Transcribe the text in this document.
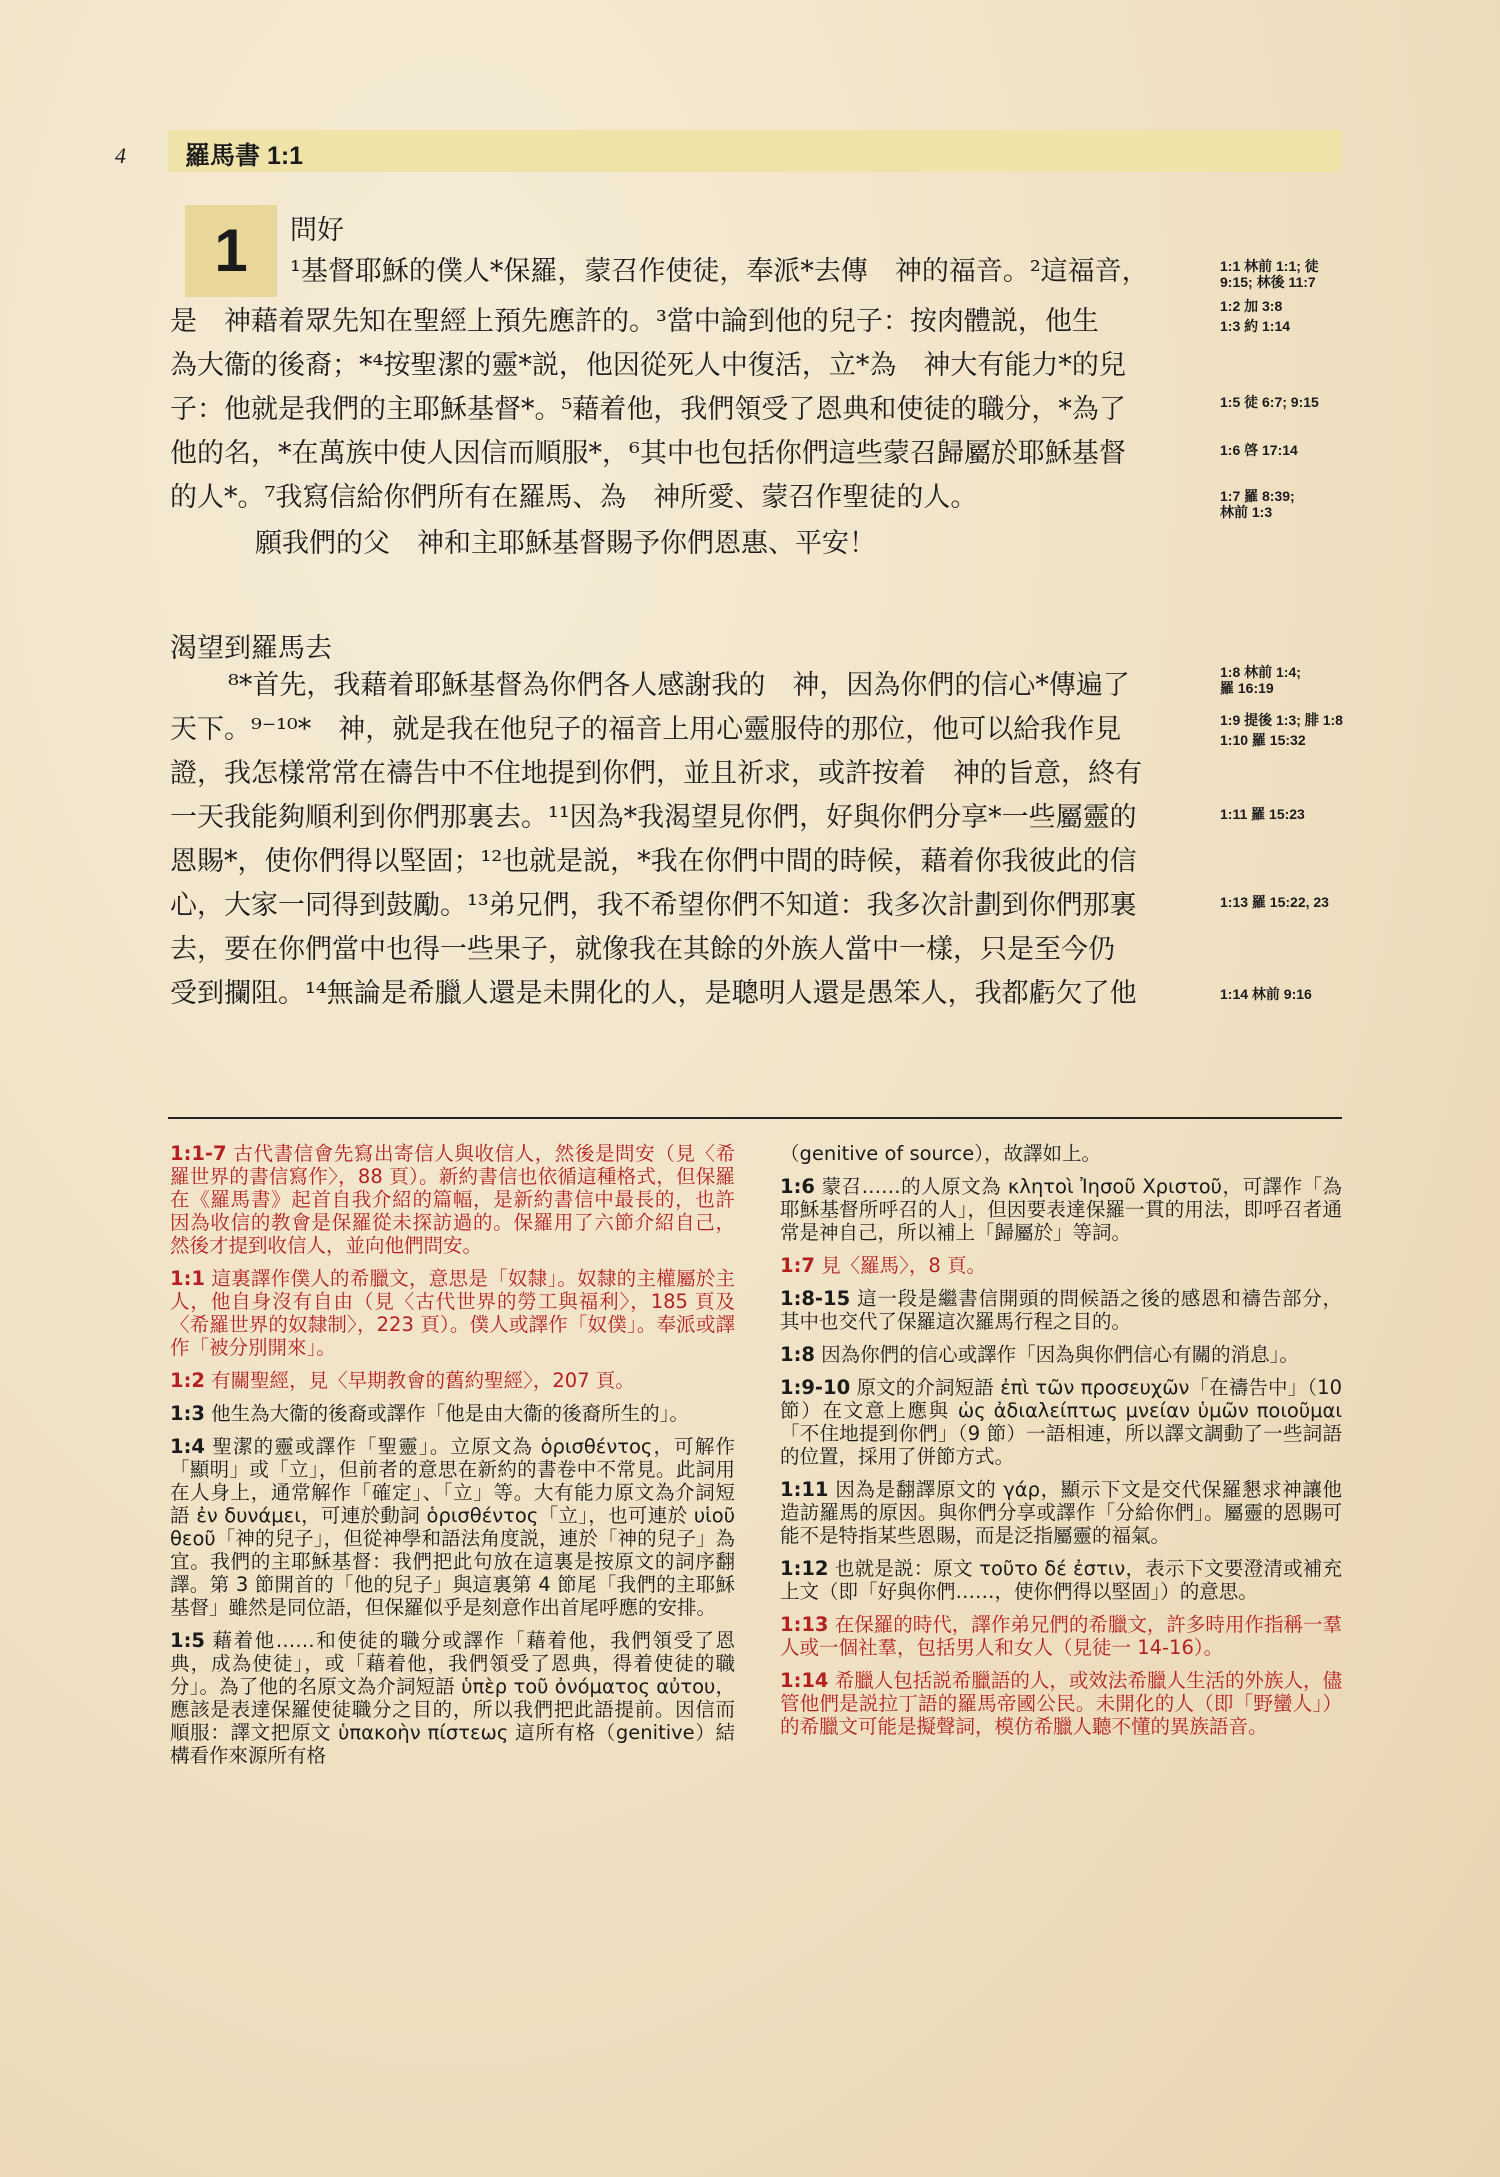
4 羅馬書 1:1
1	問好
渴望到羅馬去
¹基督耶穌的僕人*保羅，蒙召作使徒，奉派*去傳　神的福音。²這福音，
是　神藉着眾先知在聖經上預先應許的。³當中論到他的兒子：按肉體説，他生
為大衞的後裔；*⁴按聖潔的靈*説，他因從死人中復活，立*為　神大有能力*的兒
子：他就是我們的主耶穌基督*。⁵藉着他，我們領受了恩典和使徒的職分，*為了
他的名，*在萬族中使人因信而順服*，⁶其中也包括你們這些蒙召歸屬於耶穌基督
的人*。⁷我寫信給你們所有在羅馬、為　神所愛、蒙召作聖徒的人。
　願我們的父　神和主耶穌基督賜予你們恩惠、平安！
⁸*首先，我藉着耶穌基督為你們各人感謝我的　神，因為你們的信心*傳遍了
天下。⁹⁻¹⁰*　神，就是我在他兒子的福音上用心靈服侍的那位，他可以給我作見
證，我怎樣常常在禱告中不住地提到你們，並且祈求，或許按着　神的旨意，終有
一天我能夠順利到你們那裏去。¹¹因為*我渴望見你們，好與你們分享*一些屬靈的
恩賜*，使你們得以堅固；¹²也就是説，*我在你們中間的時候，藉着你我彼此的信
心，大家一同得到鼓勵。¹³弟兄們，我不希望你們不知道：我多次計劃到你們那裏
去，要在你們當中也得一些果子，就像我在其餘的外族人當中一樣，只是至今仍
受到攔阻。¹⁴無論是希臘人還是未開化的人，是聰明人還是愚笨人，我都虧欠了他
1:1 林前 1:1; 徒 9:15; 林後 11:7
1:2 加 3:8
1:3 約 1:14
1:5 徒 6:7; 9:15
1:6 啓 17:14
1:7 羅 8:39; 林前 1:3
1:8 林前 1:4; 羅 16:19
1:9 提後 1:3; 腓 1:8
1:10 羅 15:32
1:11 羅 15:23
1:13 羅 15:22, 23
1:14 林前 9:16
1:1-7 古代書信會先寫出寄信人與收信人，然後是問安（見〈希羅世界的書信寫作〉，88 頁）。新約書信也依循這種格式，但保羅在《羅馬書》起首自我介紹的篇幅，是新約書信中最長的，也許因為收信的教會是保羅從未探訪過的。保羅用了六節介紹自己，然後才提到收信人，並向他們問安。
1:1 這裏譯作僕人的希臘文，意思是「奴隸」。奴隸的主權屬於主人，他自身沒有自由（見〈古代世界的勞工與福利〉，185 頁及〈希羅世界的奴隸制〉，223 頁）。僕人或譯作「奴僕」。奉派或譯作「被分別開來」。
1:2 有關聖經，見〈早期教會的舊約聖經〉，207 頁。
1:3 他生為大衞的後裔或譯作「他是由大衞的後裔所生的」。
1:4 聖潔的靈或譯作「聖靈」。立原文為 ὁρισθέντος，可解作「顯明」或「立」，但前者的意思在新約的書卷中不常見。此詞用在人身上，通常解作「確定」、「立」等。大有能力原文為介詞短語 ἐν δυνάμει，可連於動詞 ὁρισθέντος「立」，也可連於 υἱοῦ θεοῦ「神的兒子」，但從神學和語法角度説，連於「神的兒子」為宜。我們的主耶穌基督：我們把此句放在這裏是按原文的詞序翻譯。第 3 節開首的「他的兒子」與這裏第 4 節尾「我們的主耶穌基督」雖然是同位語，但保羅似乎是刻意作出首尾呼應的安排。
1:5 藉着他……和使徒的職分或譯作「藉着他，我們領受了恩典，成為使徒」，或「藉着他，我們領受了恩典，得着使徒的職分」。為了他的名原文為介詞短語 ὑπὲρ τοῦ ὀνόματος αὐτου，應該是表達保羅使徒職分之目的，所以我們把此語提前。因信而順服：譯文把原文 ὑπακοὴν πίστεως 這所有格（genitive）結構看作來源所有格
（genitive of source），故譯如上。
1:6 蒙召……的人原文為 κλητοὶ Ἰησοῦ Χριστοῦ，可譯作「為耶穌基督所呼召的人」，但因要表達保羅一貫的用法，即呼召者通常是神自己，所以補上「歸屬於」等詞。
1:7 見〈羅馬〉，8 頁。
1:8-15 這一段是繼書信開頭的問候語之後的感恩和禱告部分，其中也交代了保羅這次羅馬行程之目的。
1:8 因為你們的信心或譯作「因為與你們信心有關的消息」。
1:9-10 原文的介詞短語 ἐπὶ τῶν προσευχῶν「在禱告中」（10 節）在文意上應與 ὡς ἀδιαλείπτως μνείαν ὑμῶν ποιοῦμαι「不住地提到你們」（9 節）一語相連，所以譯文調動了一些詞語的位置，採用了併節方式。
1:11 因為是翻譯原文的 γάρ，顯示下文是交代保羅懇求神讓他造訪羅馬的原因。與你們分享或譯作「分給你們」。屬靈的恩賜可能不是特指某些恩賜，而是泛指屬靈的福氣。
1:12 也就是説：原文 τοῦτο δέ ἐστιν，表示下文要澄清或補充上文（即「好與你們……，使你們得以堅固」）的意思。
1:13 在保羅的時代，譯作弟兄們的希臘文，許多時用作指稱一羣人或一個社羣，包括男人和女人（見徒一 14-16）。
1:14 希臘人包括説希臘語的人，或效法希臘人生活的外族人，儘管他們是説拉丁語的羅馬帝國公民。未開化的人（即「野蠻人」）的希臘文可能是擬聲詞，模仿希臘人聽不懂的異族語音。
